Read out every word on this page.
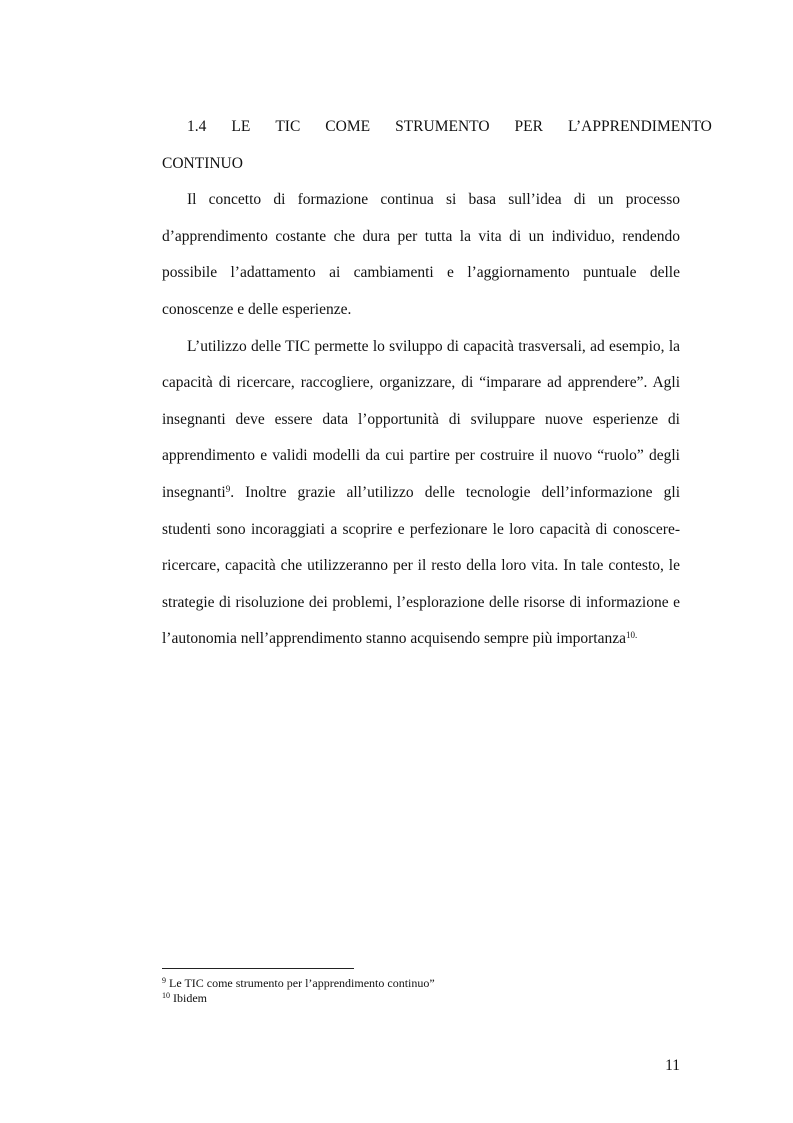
1.4	LE	TIC	COME	STRUMENTO	PER	L’APPRENDIMENTO
CONTINUO

Il concetto di formazione continua si basa sull’idea di un processo d’apprendimento costante che dura per tutta la vita di un individuo, rendendo possibile l’adattamento ai cambiamenti e l’aggiornamento puntuale delle conoscenze e delle esperienze.

L’utilizzo delle TIC permette lo sviluppo di capacità trasversali, ad esempio, la capacità di ricercare, raccogliere, organizzare, di “imparare ad apprendere”. Agli insegnanti deve essere data l’opportunità di sviluppare nuove esperienze di apprendimento e validi modelli da cui partire per costruire il nuovo “ruolo” degli insegnanti$^9$. Inoltre grazie all’utilizzo delle tecnologie dell’informazione gli studenti sono incoraggiati a scoprire e perfezionare le loro capacità di conoscere-ricercare, capacità che utilizzeranno per il resto della loro vita. In tale contesto, le strategie di risoluzione dei problemi, l’esplorazione delle risorse di informazione e l’autonomia nell’apprendimento stanno acquisendo sempre più importanza$^{10.}$

$^9$ Le TIC come strumento per l’apprendimento continuo”

$^{10}$ Ibidem

11
